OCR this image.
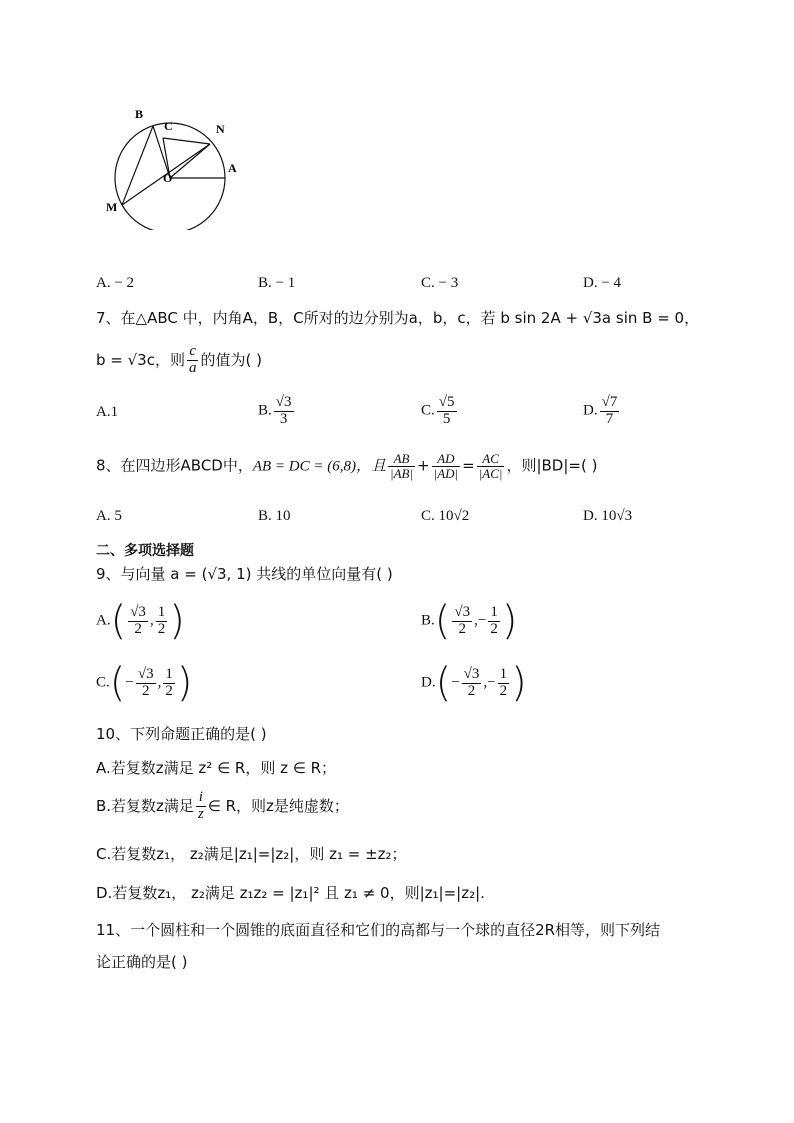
B
C	N
A
O
M
A. − 2	B. − 1	C. − 3	D. − 4
7、在△ABC 中，内角A，B，C所对的边分别为a，b，c，若 b sin 2A + √3a sin B = 0，
b = √3c，则 $\frac{c}{a}$ 的值为( )
A.1	B. $\frac{√3}{3}$	C. $\frac{√5}{5}$	D. $\frac{√7}{7}$
8、在四边形ABCD中，AB = DC = (6,8)，且 $\frac{AB}{|AB|} + \frac{AD}{|AD|} = \frac{AC}{|AC|}$ ，则|BD|=( )
A. 5	B. 10	C. 10√2	D. 10√3
二、多项选择题
9、与向量 a = (√3, 1) 共线的单位向量有( )
$A.( \frac{√3}{2}$ , $\frac{1}{2}$ )	$B.( \frac{√3}{2}$ ,− $\frac{1}{2}$ )
$C.(- \frac{√3}{2}$ , $\frac{1}{2}$ )	$D.(- \frac{√3}{2}$ ,− $\frac{1}{2}$ )
10、下列命题正确的是( )
A.若复数z满足 z² ∈ R，则 z ∈ R；
B.若复数z满足 $\frac{i}{z}$ ∈ R，则z是纯虚数；
C.若复数z₁， z₂满足|z₁|=|z₂|，则 z₁ = ±z₂；
D.若复数z₁， z₂满足 z₁z₂ = |z₁|² 且 z₁ ≠ 0，则|z₁|=|z₂|.
11、一个圆柱和一个圆锥的底面直径和它们的高都与一个球的直径2R相等，则下列结
论正确的是( )
